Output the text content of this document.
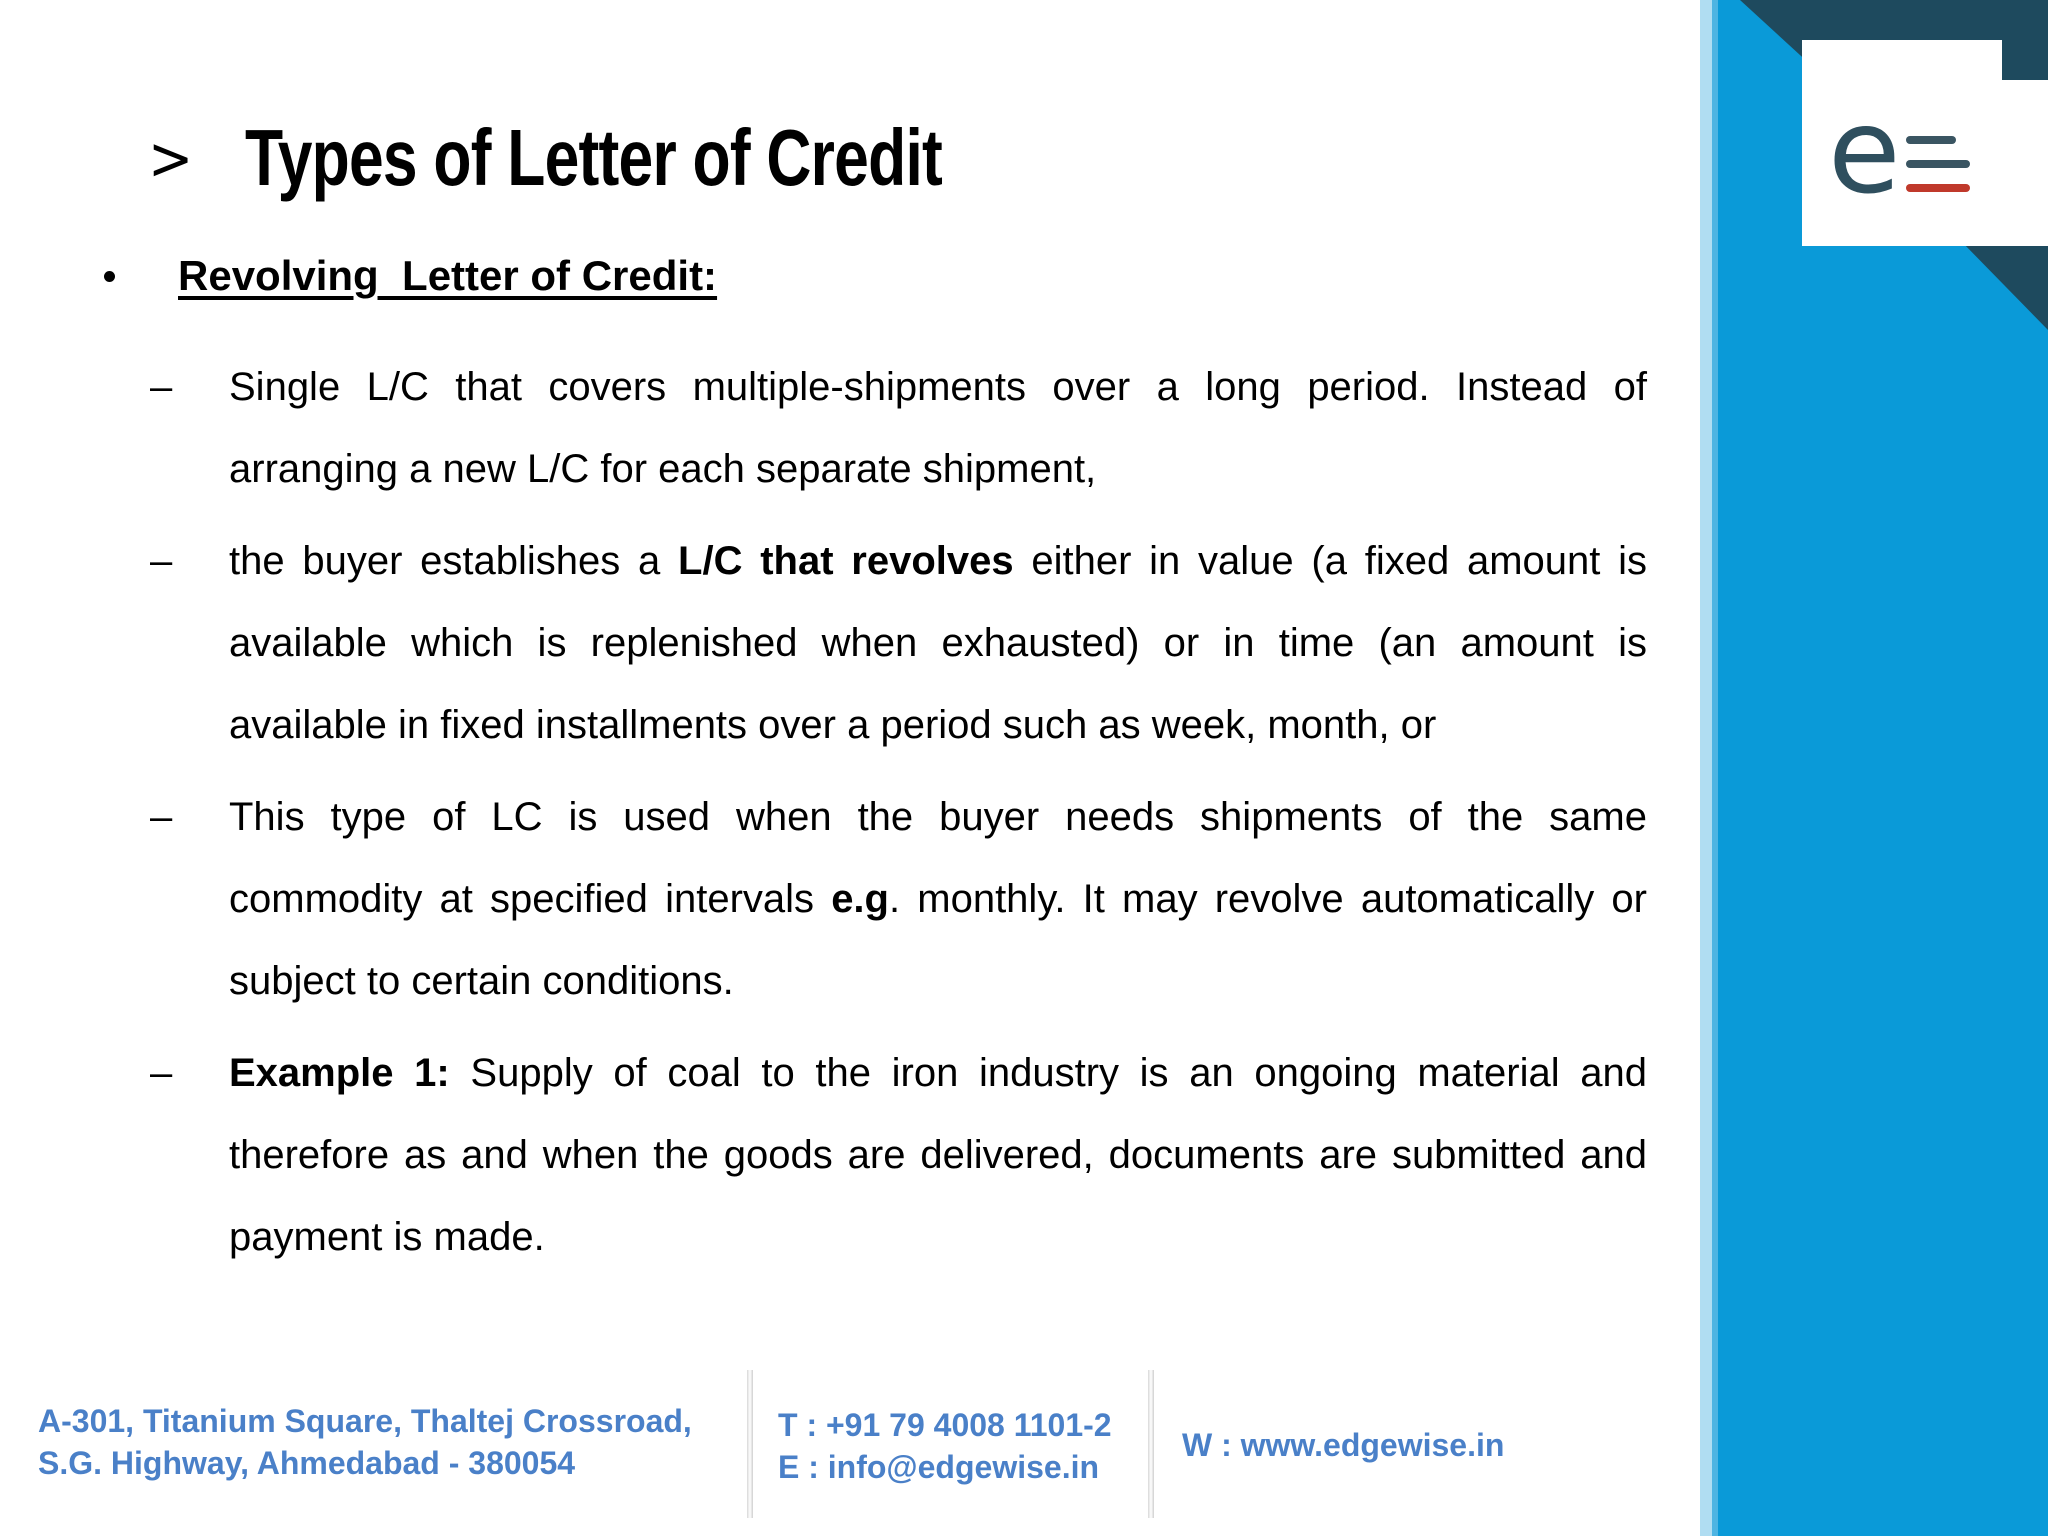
e
> Types of Letter of Credit
Revolving  Letter of Credit:
–	Single L/C that covers multiple-shipments over a long period. Instead of arranging a new L/C for each separate shipment,
–	the buyer establishes a L/C that revolves either in value (a fixed amount is available which is replenished when exhausted) or in time (an amount is available in fixed installments over a period such as week, month, or
–	This type of LC is used when the buyer needs shipments of the same commodity at specified intervals e.g. monthly. It may revolve automatically or subject to certain conditions.
–	Example 1: Supply of coal to the iron industry is an ongoing material and therefore as and when the goods are delivered, documents are submitted and payment is made.
A-301, Titanium Square, Thaltej Crossroad,
S.G. Highway, Ahmedabad - 380054
T : +91 79 4008 1101-2
E : info@edgewise.in
W : www.edgewise.in
